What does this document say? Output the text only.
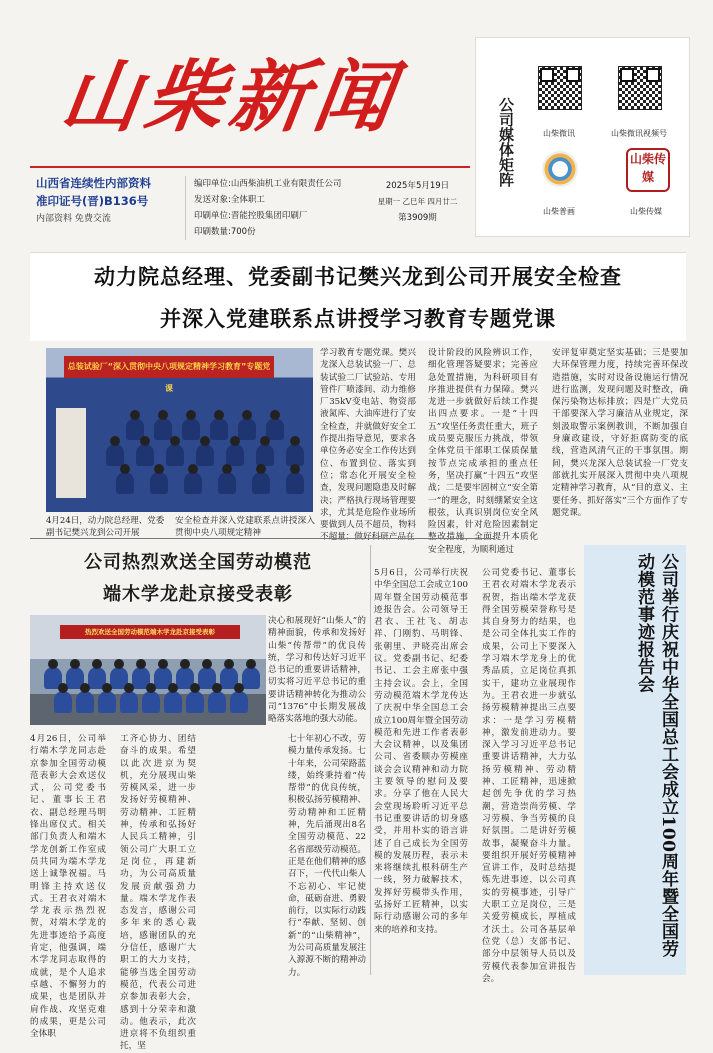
山柴新闻
山西省连续性内部资料
准印证号(晋)B136号
内部资料 免费交流
编印单位:山西柴油机工业有限责任公司
发送对象:全体职工
印刷单位:晋能控股集团印刷厂
印刷数量:700份
2025年5月19日
星期一 乙巳年 四月廿二
第3909期
公司媒体矩阵	山柴微讯	山柴微讯视频号
山柴普画
山柴传媒
山柴传媒
动力院总经理、党委副书记樊兴龙到公司开展安全检查
并深入党建联系点讲授学习教育专题党课
总装试验厂“深入贯彻中央八项规定精神学习教育”专题党课
4月24日，动力院总经理、党委副书记樊兴龙到公司开展
安全检查并深入党建联系点讲授深入贯彻中央八项规定精神
学习教育专题党课。樊兴龙深入总装试验一厂、总装试验二厂试验站、专用管件厂喷漆间、动力维修厂35kV变电站、物资部液氮库、大油库进行了安全检查，并就做好安全工作提出指导意见，要求各单位务必安全工作传达到位、布置到位、落实到位；常态化开展安全检查，发现问题隐患及时解决；严格执行现场管理要求，尤其是危险作业场所要做到人员不超员，物料不超量；做好科研产品在
设计阶段的风险辨识工作，细化管理答疑要求；完善应急处置措施，为科研项目有序推进提供有力保障。樊兴龙进一步就做好后续工作提出四点要求。一是“十四五”攻坚任务责任重大，班子成员要克服压力挑战，带领全体党员干部职工保质保量按节点完成承担的重点任务，坚决打赢“十四五”攻坚战；二是要牢固树立“安全第一”的理念，时刻绷紧安全这根弦，认真识别岗位安全风险因素，针对危险因素制定整改措施，全面提升本质化安全程度，为顺利通过
安评复审奠定坚实基础；三是要加大环保管理力度，持续完善环保改造措施，实时对设备设施运行情况进行监测，发现问题及时整改，确保污染物达标排放；四是广大党员干部要深入学习廉洁从业规定，深刻汲取警示案例教训，不断加强自身廉政建设，守好拒腐防变的底线，营造风清气正的干事氛围。期间，樊兴龙深入总装试验一厂党支部就扎实开展深入贯彻中央八项规定精神学习教育，从“目的意义、主要任务、抓好落实”三个方面作了专题党课。
公司热烈欢送全国劳动模范
端木学龙赴京接受表彰
热烈欢送全国劳动模范端木学龙赴京接受表彰
决心和展现好“山柴人”的精神面貌，传承和发扬好山柴“传帮带”的优良传统，学习和传达好习近平总书记的重要讲话精神，切实将习近平总书记的重要讲话精神转化为推动公司“1376”中长期发展战略落实落地的强大动能。
4月26日，公司举行端木学龙同志赴京参加全国劳动模范表彰大会欢送仪式，公司党委书记、董事长王君衣、副总经理马明锋出席仪式。相关部门负责人和端木学龙创新工作室成员共同为端木学龙送上诚挚祝福。马明锋主持欢送仪式。王君衣对端木学龙表示热烈祝贺，对端木学龙的先进事迹给予高度肯定，他强调，端木学龙同志取得的成就，是个人追求卓越、不懈努力的成果，也是团队并肩作战、攻坚克难的成果，更是公司全体职
工齐心协力、团结奋斗的成果。希望以此次进京为契机，充分展现山柴劳模风采，进一步发扬好劳模精神、劳动精神、工匠精神，传承和弘扬好人民兵工精神，引领公司广大职工立足岗位，再建新功，为公司高质量发展贡献强劲力量。端木学龙作表态发言，感谢公司多年来的悉心栽培，感谢团队的充分信任，感谢广大职工的大力支持，能够当选全国劳动模范，代表公司进京参加表彰大会，感到十分荣幸和激动。他表示，此次进京将不负组织重托，坚
七十年初心不改，劳模力量传承发扬。七十年来，公司荣路蓝缕，始终秉持着“传帮带”的优良传统，积极弘扬劳模精神、劳动精神和工匠精神，先后涌现出8名全国劳动模范、22名省部级劳动模范。正是在他们精神的感召下，一代代山柴人不忘初心、牢记使命，砥砺奋进、勇毅前行，以实际行动践行“奉献、坚韧、创新”的“山柴精神”，为公司高质量发展注入源源不断的精神动力。
5月6日，公司举行庆祝中华全国总工会成立100周年暨全国劳动模范事迹报告会。公司领导王君衣、王社飞、胡志祥、门刚豹、马明锋、张朝里、尹晓亮出席会议。党委副书记、纪委书记、工会主席张中强主持会议。会上，全国劳动模范端木学龙传达了庆祝中华全国总工会成立100周年暨全国劳动模范和先进工作者表彰大会议精神，以及集团公司、省委顺办劳模座谈会会议精神和动力院主要领导的慰问及要求。分享了他在人民大会堂现场聆听习近平总书记重要讲话的切身感受，并用朴实的语言讲述了自己成长为全国劳模的发展历程，表示未来将继续扎根科研生产一线，努力破解技术，发挥好劳模带头作用，弘扬好工匠精神，以实际行动感谢公司的多年来的培养和支持。
公司党委书记、董事长王君衣对端木学龙表示祝贺，指出端木学龙获得全国劳模荣誉称号是其自身努力的结果，也是公司全体扎实工作的成果，公司上下要深入学习端木学龙身上的优秀品质，立足岗位真抓实干，建功立业展现作为。王君衣进一步就弘扬劳模精神提出三点要求：一是学习劳模精神，激发前进动力。要深入学习习近平总书记重要讲话精神，大力弘扬劳模精神、劳动精神、工匠精神，迅速掀起创先争优的学习热潮，营造崇尚劳模、学习劳模、争当劳模的良好氛围。二是讲好劳模故事，凝聚奋斗力量。要组织开展好劳模精神宣讲工作，及时总结提炼先进事迹，以公司真实的劳模事迹，引导广大职工立足岗位，三是关爱劳模成长，厚植成才沃土。公司各基层单位党（总）支部书记、部分中层领导人员以及劳模代表参加宣讲报告会。
公司举行庆祝中华全国总工会成立100周年暨全国劳动模范事迹报告会
